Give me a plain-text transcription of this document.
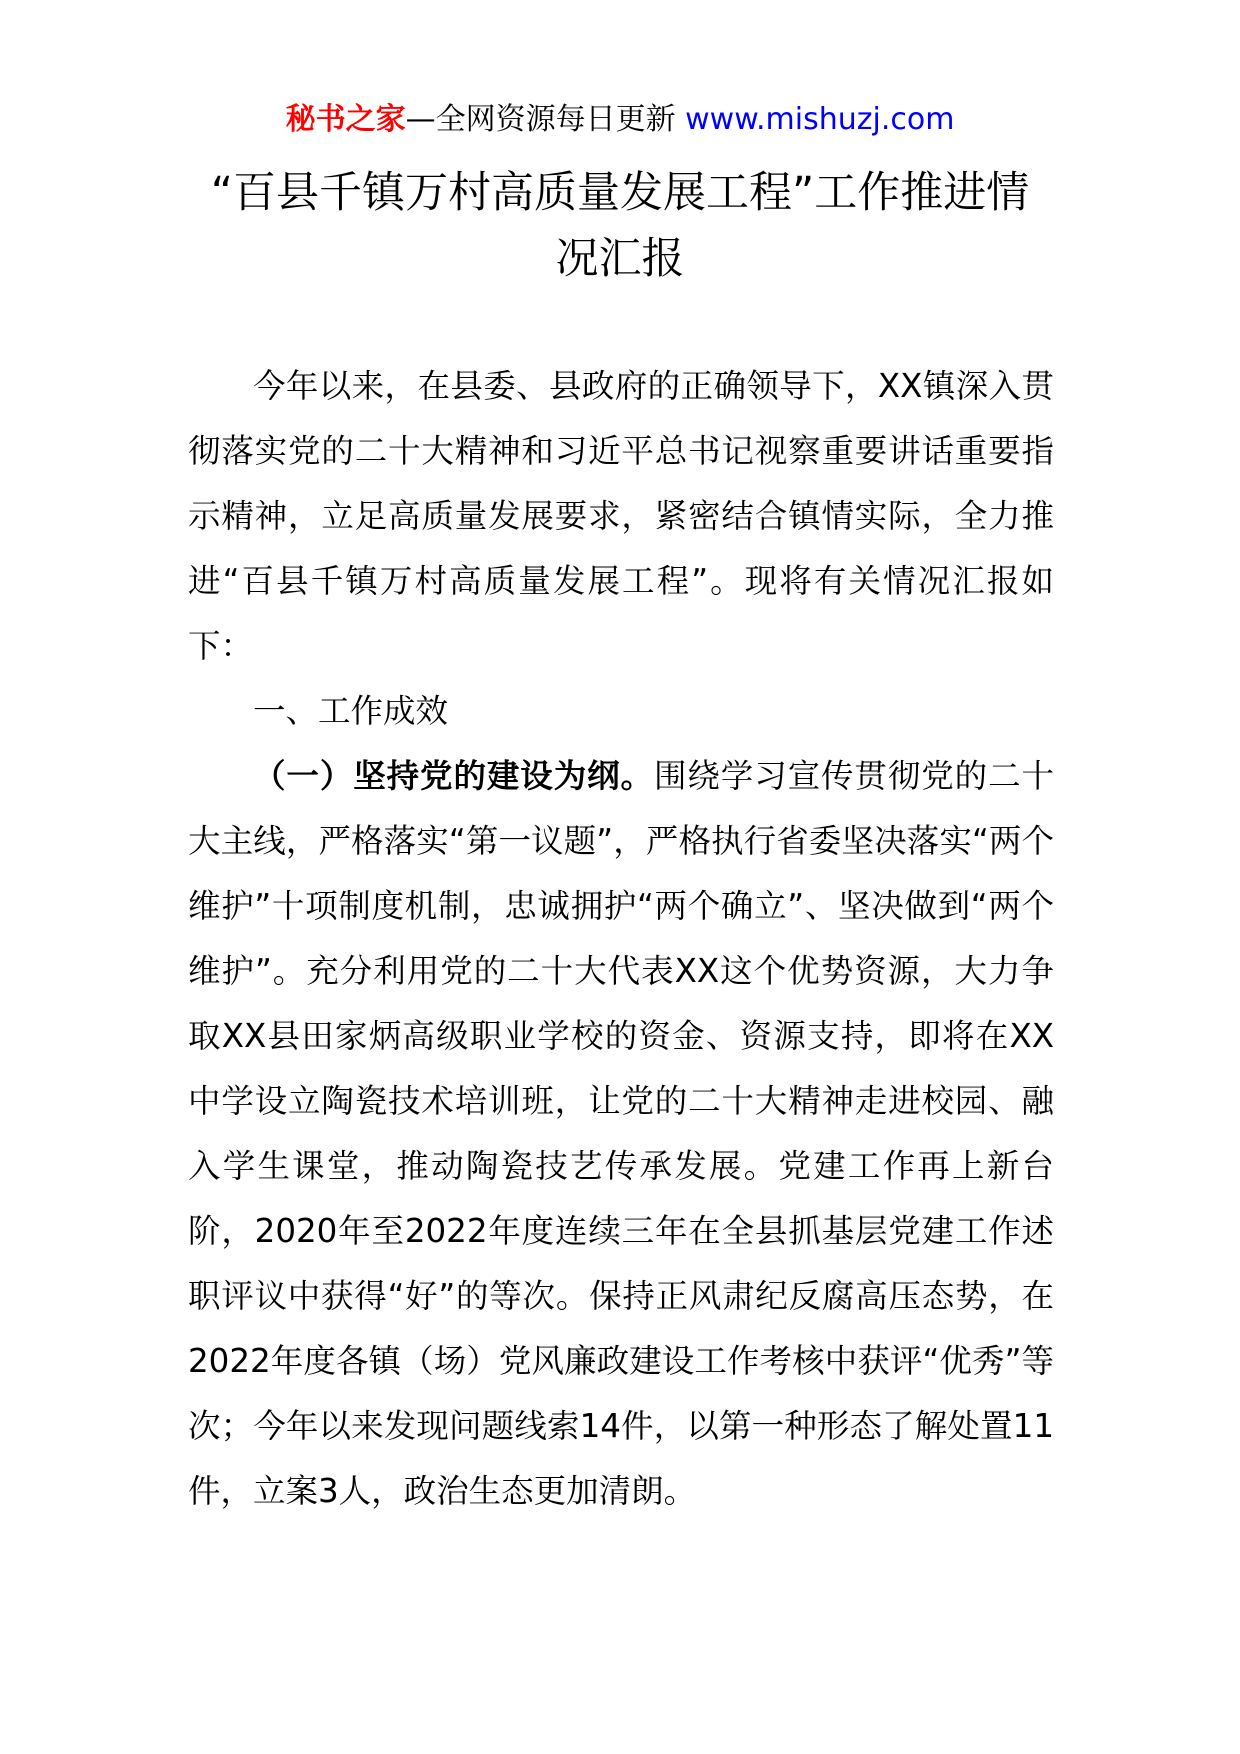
秘书之家—全网资源每日更新 www.mishuzj.com
“百县千镇万村高质量发展工程”工作推进情况汇报

今年以来，在县委、县政府的正确领导下，XX镇深入贯彻落实党的二十大精神和习近平总书记视察重要讲话重要指示精神，立足高质量发展要求，紧密结合镇情实际，全力推进“百县千镇万村高质量发展工程”。现将有关情况汇报如下：

一、工作成效

（一）坚持党的建设为纲。围绕学习宣传贯彻党的二十大主线，严格落实“第一议题”，严格执行省委坚决落实“两个维护”十项制度机制，忠诚拥护“两个确立”、坚决做到“两个维护”。充分利用党的二十大代表XX这个优势资源，大力争取XX县田家炳高级职业学校的资金、资源支持，即将在XX中学设立陶瓷技术培训班，让党的二十大精神走进校园、融入学生课堂，推动陶瓷技艺传承发展。党建工作再上新台阶，2020年至2022年度连续三年在全县抓基层党建工作述职评议中获得“好”的等次。保持正风肃纪反腐高压态势，在2022年度各镇（场）党风廉政建设工作考核中获评“优秀”等次；今年以来发现问题线索14件，以第一种形态了解处置11件，立案3人，政治生态更加清朗。
